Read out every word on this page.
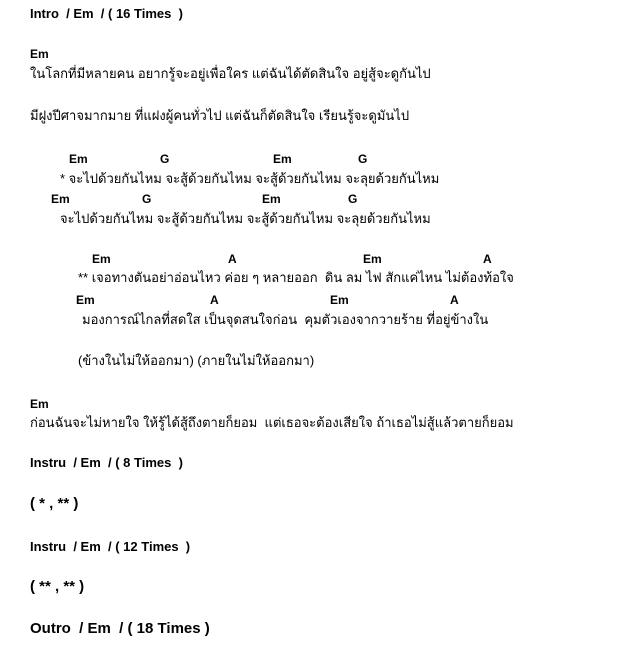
Intro  / Em  / ( 16 Times  )
Em
ในโลกที่มีหลายคน อยากรู้จะอยู่เพื่อใคร แต่ฉันได้ตัดสินใจ อยู่สู้จะดูกันไป
มีฝูงปีศาจมากมาย ที่แฝงผู้คนทั่วไป แต่ฉันก็ตัดสินใจ เรียนรู้จะดูมันไป
Em	G	Em	G
* จะไปด้วยกันไหม จะสู้ด้วยกันไหม จะสู้ด้วยกันไหม จะลุยด้วยกันไหม
Em	G	Em	G
จะไปด้วยกันไหม จะสู้ด้วยกันไหม จะสู้ด้วยกันไหม จะลุยด้วยกันไหม
Em	A	Em	A
** เจอทางตันอย่าอ่อนไหว ค่อย ๆ หลายออก  ดิน ลม ไฟ สักแค่ไหน ไม่ต้องท้อใจ
Em	A	Em	A
มองการณ์ไกลที่สดใส เป็นจุดสนใจก่อน  คุมตัวเองจากวายร้าย ที่อยู่ข้างใน
(ข้างในไม่ให้ออกมา) (ภายในไม่ให้ออกมา)
Em
ก่อนฉันจะไม่หายใจ ให้รู้ได้สู้ถึงตายก็ยอม  แต่เธอจะต้องเสียใจ ถ้าเธอไม่สู้แล้วตายก็ยอม
Instru  / Em  / ( 8 Times  )
( * , ** )
Instru  / Em  / ( 12 Times  )
( ** , ** )
Outro  / Em  / ( 18 Times )
